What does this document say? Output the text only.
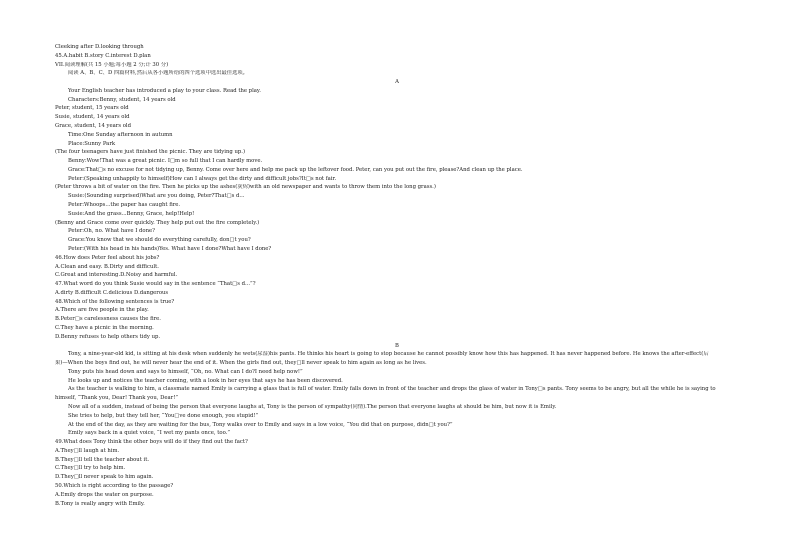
Cleeking after D.looking through
45.A.habit B.story C.interest D.plan
VII.阅读理解(共 15 小题;每小题 2 分;计 30 分)
阅读 A、B、C、D 四篇材料,然后从各小题所给的四个选项中选出最佳选项。
A
Your English teacher has introduced a play to your class. Read the play.
Characters:Benny, student, 14 years old
Peter, student, 15 years old
Susie, student, 14 years old
Grace, student, 14 years old
Time:One Sunday afternoon in autumn
Place:Sunny Park
(The four teenagers have just finished the picnic. They are tidying up.)
Benny:Wow!That was a great picnic. I□m so full that I can hardly move.
Grace:That□s no excuse for not tidying up, Benny. Come over here and help me pack up the leftover food. Peter, can you put out the fire, please?And clean up the place.
Peter:(Speaking unhappily to himself)How can I always get the dirty and difficult jobs?It□s not fair.
(Peter throws a bit of water on the fire. Then he picks up the ashes(灰烬)with an old newspaper and wants to throw them into the long grass.)
Susie:(Sounding surprised)What are you doing, Peter?That□s d...
Peter:Whoops...the paper has caught fire.
Susie:And the grass...Benny, Grace, help!Help!
(Benny and Grace come over quickly. They help put out the fire completely.)
Peter:Oh, no. What have I done?
Grace:You know that we should do everything carefully, don□t you?
Peter:(With his head in his hands)Yes. What have I done?What have I done?
46.How does Peter feel about his jobs?
A.Clean and easy. B.Dirty and difficult.
C.Great and interesting.D.Noisy and harmful.
47.What word do you think Susie would say in the sentence “That□s d...”?
A.dirty B.difficult C.delicious D.dangerous
48.Which of the following sentences is true?
A.There are five people in the play.
B.Peter□s carelessness causes the fire.
C.They have a picnic in the morning.
D.Benny refuses to help others tidy up.
B
Tony, a nine-year-old kid, is sitting at his desk when suddenly he wets(尿湿)his pants. He thinks his heart is going to stop because he cannot possibly know how this has happened. It has never happened before. He knows the after-effect(后
果)—When the boys find out, he will never hear the end of it. When the girls find out, they□ll never speak to him again as long as he lives.
Tony puts his head down and says to himself, “Oh, no. What can I do?I need help now!”
He looks up and notices the teacher coming, with a look in her eyes that says he has been discovered.
As the teacher is walking to him, a classmate named Emily is carrying a glass that is full of water. Emily falls down in front of the teacher and drops the glass of water in Tony□s pants. Tony seems to be angry, but all the while he is saying to
himself, “Thank you, Dear! Thank you, Dear!”
Now all of a sudden, instead of being the person that everyone laughs at, Tony is the person of sympathy(同情).The person that everyone laughs at should be him, but now it is Emily.
She tries to help, but they tell her, “You□ve done enough, you stupid!”
At the end of the day, as they are waiting for the bus, Tony walks over to Emily and says in a low voice, “You did that on purpose, didn□t you?”
Emily says back in a quiet voice, “I wet my pants once, too.”
49.What does Tony think the other boys will do if they find out the fact?
A.They□ll laugh at him.
B.They□ll tell the teacher about it.
C.They□ll try to help him.
D.They□ll never speak to him again.
50.Which is right according to the passage?
A.Emily drops the water on purpose.
B.Tony is really angry with Emily.
